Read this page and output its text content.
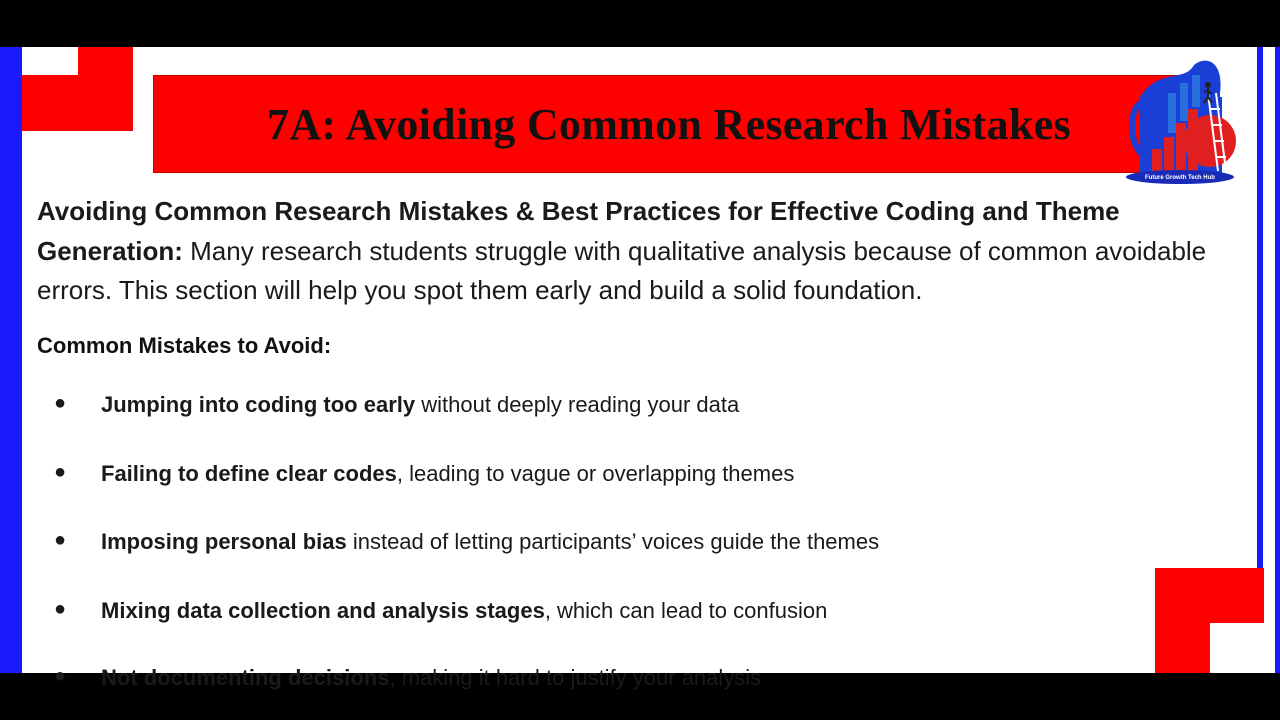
7A: Avoiding Common Research Mistakes
Future Growth Tech Hub

Avoiding Common Research Mistakes & Best Practices for Effective Coding and Theme Generation: Many research students struggle with qualitative analysis because of common avoidable errors. This section will help you spot them early and build a solid foundation.

Common Mistakes to Avoid:

● Jumping into coding too early without deeply reading your data
● Failing to define clear codes, leading to vague or overlapping themes
● Imposing personal bias instead of letting participants’ voices guide the themes
● Mixing data collection and analysis stages, which can lead to confusion
● Not documenting decisions, making it hard to justify your analysis
